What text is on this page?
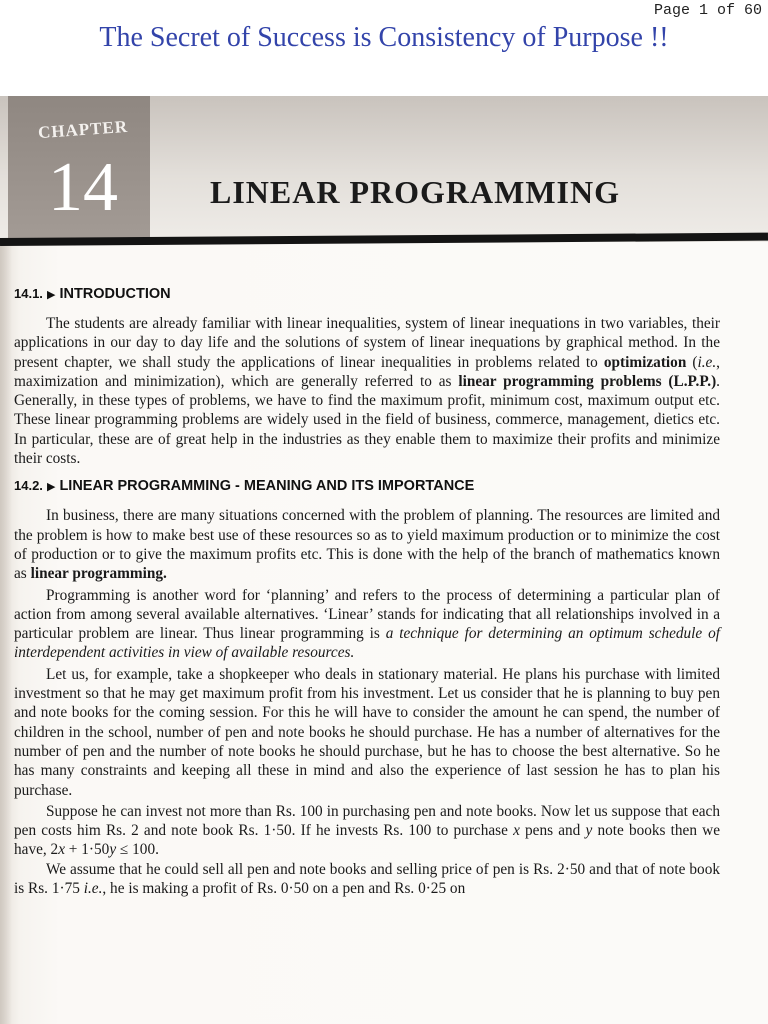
Page 1 of 60
The Secret of Success is Consistency of Purpose !!
CHAPTER
14	LINEAR PROGRAMMING
14.1. ▶ INTRODUCTION

The students are already familiar with linear inequalities, system of linear inequations in two variables, their applications in our day to day life and the solutions of system of linear inequations by graphical method. In the present chapter, we shall study the applications of linear inequalities in problems related to optimization (i.e., maximization and minimization), which are generally referred to as linear programming problems (L.P.P.). Generally, in these types of problems, we have to find the maximum profit, minimum cost, maximum output etc. These linear programming problems are widely used in the field of business, commerce, management, dietics etc. In particular, these are of great help in the industries as they enable them to maximize their profits and minimize their costs.

14.2. ▶ LINEAR PROGRAMMING - MEANING AND ITS IMPORTANCE

In business, there are many situations concerned with the problem of planning. The resources are limited and the problem is how to make best use of these resources so as to yield maximum production or to minimize the cost of production or to give the maximum profits etc. This is done with the help of the branch of mathematics known as linear programming.

Programming is another word for ‘planning’ and refers to the process of determining a particular plan of action from among several available alternatives. ‘Linear’ stands for indicating that all relationships involved in a particular problem are linear. Thus linear programming is a technique for determining an optimum schedule of interdependent activities in view of available resources.

Let us, for example, take a shopkeeper who deals in stationary material. He plans his purchase with limited investment so that he may get maximum profit from his investment. Let us consider that he is planning to buy pen and note books for the coming session. For this he will have to consider the amount he can spend, the number of children in the school, number of pen and note books he should purchase. He has a number of alternatives for the number of pen and the number of note books he should purchase, but he has to choose the best alternative. So he has many constraints and keeping all these in mind and also the experience of last session he has to plan his purchase.

Suppose he can invest not more than Rs. 100 in purchasing pen and note books. Now let us suppose that each pen costs him Rs. 2 and note book Rs. 1·50. If he invests Rs. 100 to purchase x pens and y note books then we have, 2x + 1·50y ≤ 100.

We assume that he could sell all pen and note books and selling price of pen is Rs. 2·50 and that of note book is Rs. 1·75 i.e., he is making a profit of Rs. 0·50 on a pen and Rs. 0·25 on
